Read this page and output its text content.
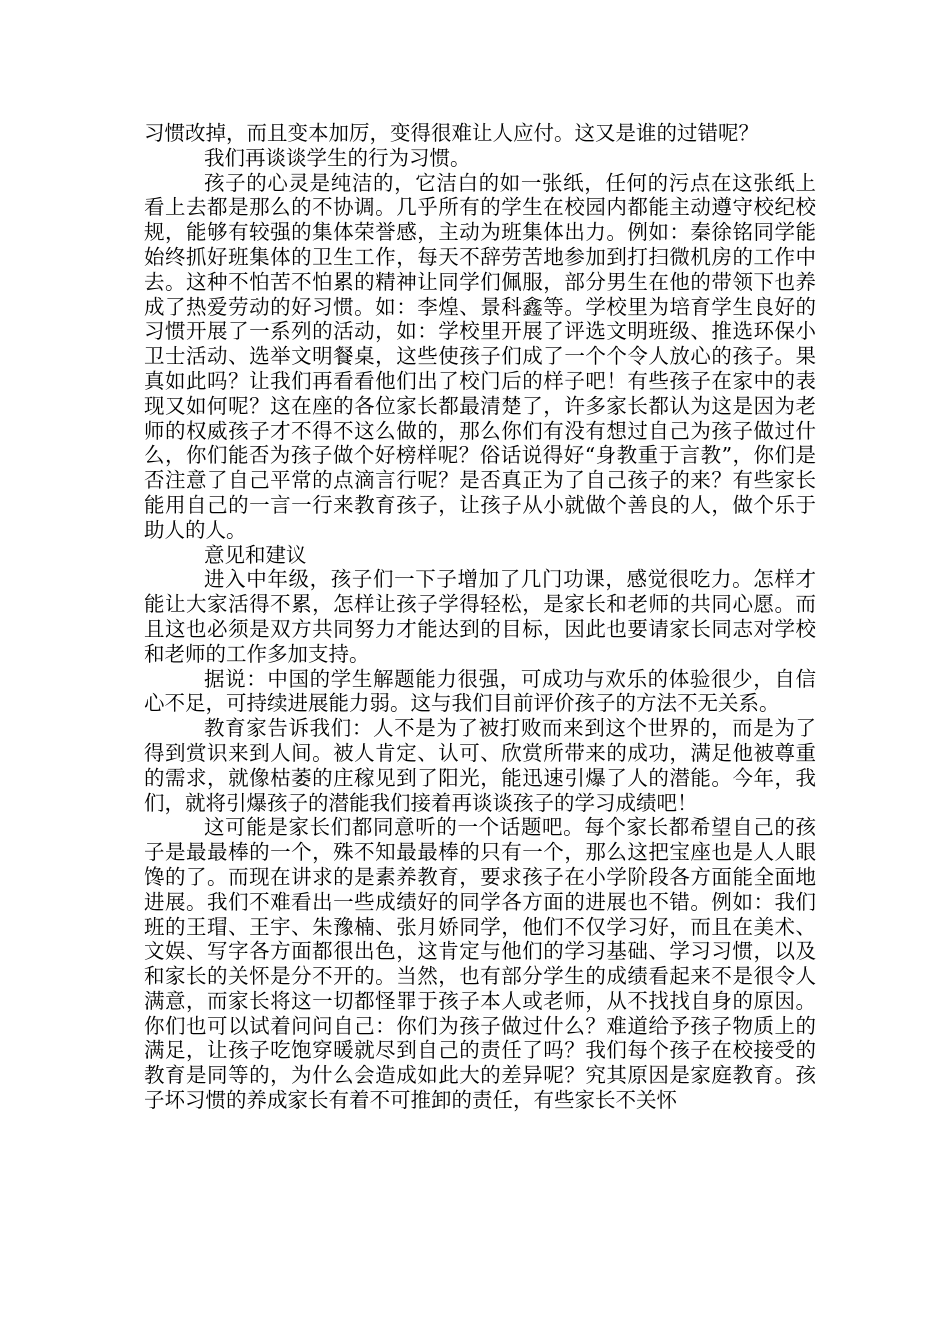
习惯改掉，而且变本加厉，变得很难让人应付。这又是谁的过错呢？

我们再谈谈学生的行为习惯。

孩子的心灵是纯洁的，它洁白的如一张纸，任何的污点在这张纸上看上去都是那么的不协调。几乎所有的学生在校园内都能主动遵守校纪校规，能够有较强的集体荣誉感，主动为班集体出力。例如：秦徐铭同学能始终抓好班集体的卫生工作，每天不辞劳苦地参加到打扫微机房的工作中去。这种不怕苦不怕累的精神让同学们佩服，部分男生在他的带领下也养成了热爱劳动的好习惯。如：李煌、景科鑫等。学校里为培育学生良好的习惯开展了一系列的活动，如：学校里开展了评选文明班级、推选环保小卫士活动、选举文明餐桌，这些使孩子们成了一个个令人放心的孩子。果真如此吗？让我们再看看他们出了校门后的样子吧！有些孩子在家中的表现又如何呢？这在座的各位家长都最清楚了，许多家长都认为这是因为老师的权威孩子才不得不这么做的，那么你们有没有想过自己为孩子做过什么，你们能否为孩子做个好榜样呢？俗话说得好“身教重于言教”，你们是否注意了自己平常的点滴言行呢？是否真正为了自己孩子的来？有些家长能用自己的一言一行来教育孩子，让孩子从小就做个善良的人，做个乐于助人的人。

意见和建议

进入中年级，孩子们一下子增加了几门功课，感觉很吃力。怎样才能让大家活得不累，怎样让孩子学得轻松，是家长和老师的共同心愿。而且这也必须是双方共同努力才能达到的目标，因此也要请家长同志对学校和老师的工作多加支持。

据说：中国的学生解题能力很强，可成功与欢乐的体验很少，自信心不足，可持续进展能力弱。这与我们目前评价孩子的方法不无关系。

教育家告诉我们：人不是为了被打败而来到这个世界的，而是为了得到赏识来到人间。被人肯定、认可、欣赏所带来的成功，满足他被尊重的需求，就像枯萎的庄稼见到了阳光，能迅速引爆了人的潜能。今年，我们，就将引爆孩子的潜能我们接着再谈谈孩子的学习成绩吧！

这可能是家长们都同意听的一个话题吧。每个家长都希望自己的孩子是最最棒的一个，殊不知最最棒的只有一个，那么这把宝座也是人人眼馋的了。而现在讲求的是素养教育，要求孩子在小学阶段各方面能全面地进展。我们不难看出一些成绩好的同学各方面的进展也不错。例如：我们班的王瑁、王宇、朱豫楠、张月娇同学，他们不仅学习好，而且在美术、文娱、写字各方面都很出色，这肯定与他们的学习基础、学习习惯，以及和家长的关怀是分不开的。当然，也有部分学生的成绩看起来不是很令人满意，而家长将这一切都怪罪于孩子本人或老师，从不找找自身的原因。你们也可以试着问问自己：你们为孩子做过什么？难道给予孩子物质上的满足，让孩子吃饱穿暖就尽到自己的责任了吗？我们每个孩子在校接受的教育是同等的，为什么会造成如此大的差异呢？究其原因是家庭教育。孩子坏习惯的养成家长有着不可推卸的责任，有些家长不关怀
